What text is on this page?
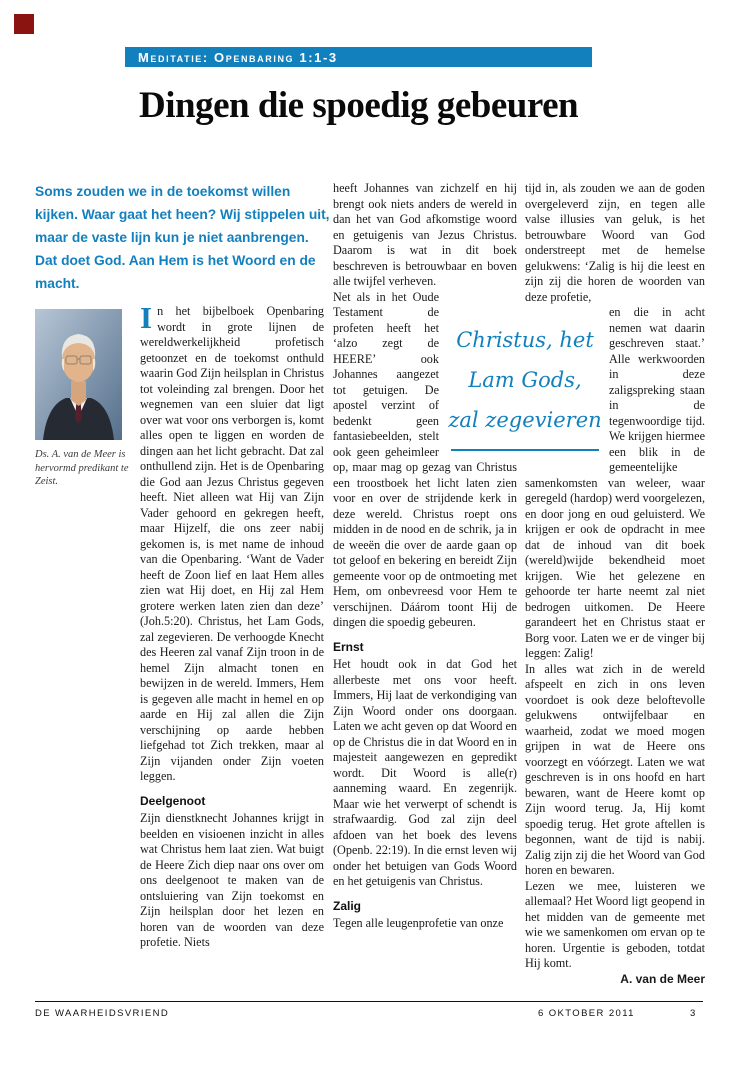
Meditatie: Openbaring 1:1-3
Dingen die spoedig gebeuren

Soms zouden we in de toekomst willen kijken. Waar gaat het heen? Wij stippelen uit, maar de vaste lijn kun je niet aanbrengen. Dat doet God. Aan Hem is het Woord en de macht.

Ds. A. van de Meer is hervormd predikant te Zeist.

In het bijbelboek Openbaring wordt in grote lijnen de wereldwerkelijkheid profetisch getoonzet en de toekomst onthuld waarin God Zijn heilsplan in Christus tot voleinding zal brengen. Door het wegnemen van een sluier dat ligt over wat voor ons verborgen is, komt alles open te liggen en worden de dingen aan het licht gebracht. Dat zal onthullend zijn. Het is de Openbaring die God aan Jezus Christus gegeven heeft. Niet alleen wat Hij van Zijn Vader gehoord en gekregen heeft, maar Hijzelf, die ons zeer nabij gekomen is, is met name de inhoud van die Openbaring. ‘Want de Vader heeft de Zoon lief en laat Hem alles zien wat Hij doet, en Hij zal Hem grotere werken laten zien dan deze’ (Joh.5:20). Christus, het Lam Gods, zal zegevieren. De verhoogde Knecht des Heeren zal vanaf Zijn troon in de hemel Zijn almacht tonen en bewijzen in de wereld. Immers, Hem is gegeven alle macht in hemel en op aarde en Hij zal allen die Zijn verschijning op aarde hebben liefgehad tot Zich trekken, maar al Zijn vijanden onder Zijn voeten leggen.

Deelgenoot

Zijn dienstknecht Johannes krijgt in beelden en visioenen inzicht in alles wat Christus hem laat zien. Wat buigt de Heere Zich diep naar ons over om ons deelgenoot te maken van de ontsluiering van Zijn toekomst en Zijn heilsplan door het lezen en horen van de woorden van deze profetie. Niets

heeft Johannes van zichzelf en hij brengt ook niets anders de wereld in dan het van God afkomstige woord en getuigenis van Jezus Christus. Daarom is wat in dit boek beschreven is betrouwbaar en boven alle twijfel verheven.

Net als in het Oude Testament de profeten heeft het ‘alzo zegt de HEERE’ ook Johannes aangezet tot getuigen. De apostel verzint of bedenkt geen fantasiebeelden, stelt ook geen geheimleer op, maar mag op gezag van Christus een troostboek het licht laten zien voor en over de strijdende kerk in deze wereld. Christus roept ons midden in de nood en de schrik, ja in de weeën die over de aarde gaan op tot geloof en bekering en bereidt Zijn gemeente voor op de ontmoeting met Hem, om onbevreesd voor Hem te verschijnen. Dáárom toont Hij de dingen die spoedig gebeuren.

Ernst

Het houdt ook in dat God het allerbeste met ons voor heeft. Immers, Hij laat de verkondiging van Zijn Woord onder ons doorgaan. Laten we acht geven op dat Woord en op de Christus die in dat Woord en in majesteit aangewezen en gepredikt wordt. Dit Woord is alle(r) aanneming waard. En zegenrijk. Maar wie het verwerpt of schendt is strafwaardig. God zal zijn deel afdoen van het boek des levens (Openb. 22:19). In die ernst leven wij onder het betuigen van Gods Woord en het getuigenis van Christus.

Zalig

Tegen alle leugenprofetie van onze

tijd in, als zouden we aan de goden overgeleverd zijn, en tegen alle valse illusies van geluk, is het betrouwbare Woord van God onderstreept met de hemelse gelukwens: ‘Zalig is hij die leest en zijn zij die horen de woorden van deze profetie,

en die in acht nemen wat daarin geschreven staat.’ Alle werkwoorden in deze zaligspreking staan in de tegenwoordige tijd. We krijgen hiermee een blik in de gemeentelijke samenkomsten van weleer, waar geregeld (hardop) werd voorgelezen, en door jong en oud geluisterd. We krijgen er ook de opdracht in mee dat de inhoud van dit boek (wereld)wijde bekendheid moet krijgen. Wie het gelezene en gehoorde ter harte neemt zal niet bedrogen uitkomen. De Heere garandeert het en Christus staat er Borg voor. Laten we er de vinger bij leggen: Zalig!

In alles wat zich in de wereld afspeelt en zich in ons leven voordoet is ook deze beloftevolle gelukwens ontwijfelbaar en waarheid, zodat we moed mogen grijpen in wat de Heere ons voorzegt en vóórzegt. Laten we wat geschreven is in ons hoofd en hart bewaren, want de Heere komt op Zijn woord terug. Ja, Hij komt spoedig terug. Het grote aftellen is begonnen, want de tijd is nabij. Zalig zijn zij die het Woord van God horen en bewaren.

Lezen we mee, luisteren we allemaal? Het Woord ligt geopend in het midden van de gemeente met wie we samenkomen om ervan op te horen. Urgentie is geboden, totdat Hij komt.

A. van de Meer

Christus, het
Lam Gods,
zal zegevieren
DE WAARHEIDSVRIEND	6 OKTOBER 2011	3
